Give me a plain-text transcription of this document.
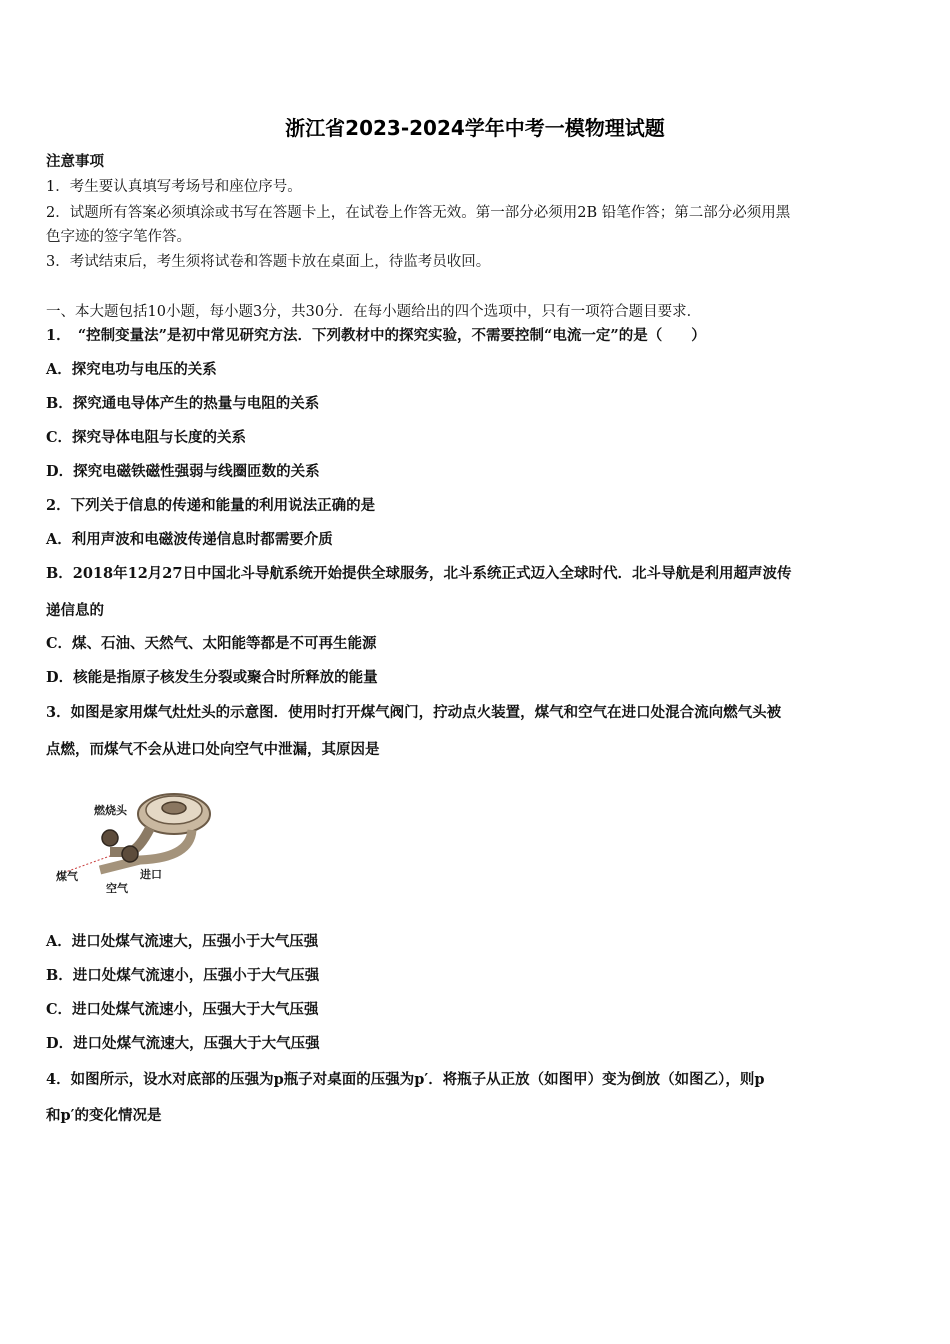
浙江省2023-2024学年中考一模物理试题
注意事项
1．考生要认真填写考场号和座位序号。
2．试题所有答案必须填涂或书写在答题卡上，在试卷上作答无效。第一部分必须用2B 铅笔作答；第二部分必须用黑
色字迹的签字笔作答。
3．考试结束后，考生须将试卷和答题卡放在桌面上，待监考员收回。
一、本大题包括10小题，每小题3分，共30分．在每小题给出的四个选项中，只有一项符合题目要求．
1．　“控制变量法”是初中常见研究方法．下列教材中的探究实验，不需要控制“电流一定”的是（　　）
A．探究电功与电压的关系
B．探究通电导体产生的热量与电阻的关系
C．探究导体电阻与长度的关系
D．探究电磁铁磁性强弱与线圈匝数的关系
2．下列关于信息的传递和能量的利用说法正确的是
A．利用声波和电磁波传递信息时都需要介质
B．2018年12月27日中国北斗导航系统开始提供全球服务，北斗系统正式迈入全球时代．北斗导航是利用超声波传
递信息的
C．煤、石油、天然气、太阳能等都是不可再生能源
D．核能是指原子核发生分裂或聚合时所释放的能量
3．如图是家用煤气灶灶头的示意图．使用时打开煤气阀门，拧动点火装置，煤气和空气在进口处混合流向燃气头被
点燃，而煤气不会从进口处向空气中泄漏，其原因是
燃烧头
煤气
空气
进口
A．进口处煤气流速大，压强小于大气压强
B．进口处煤气流速小，压强小于大气压强
C．进口处煤气流速小，压强大于大气压强
D．进口处煤气流速大，压强大于大气压强
4．如图所示，设水对底部的压强为p瓶子对桌面的压强为p′．将瓶子从正放（如图甲）变为倒放（如图乙），则p
和p′的变化情况是
